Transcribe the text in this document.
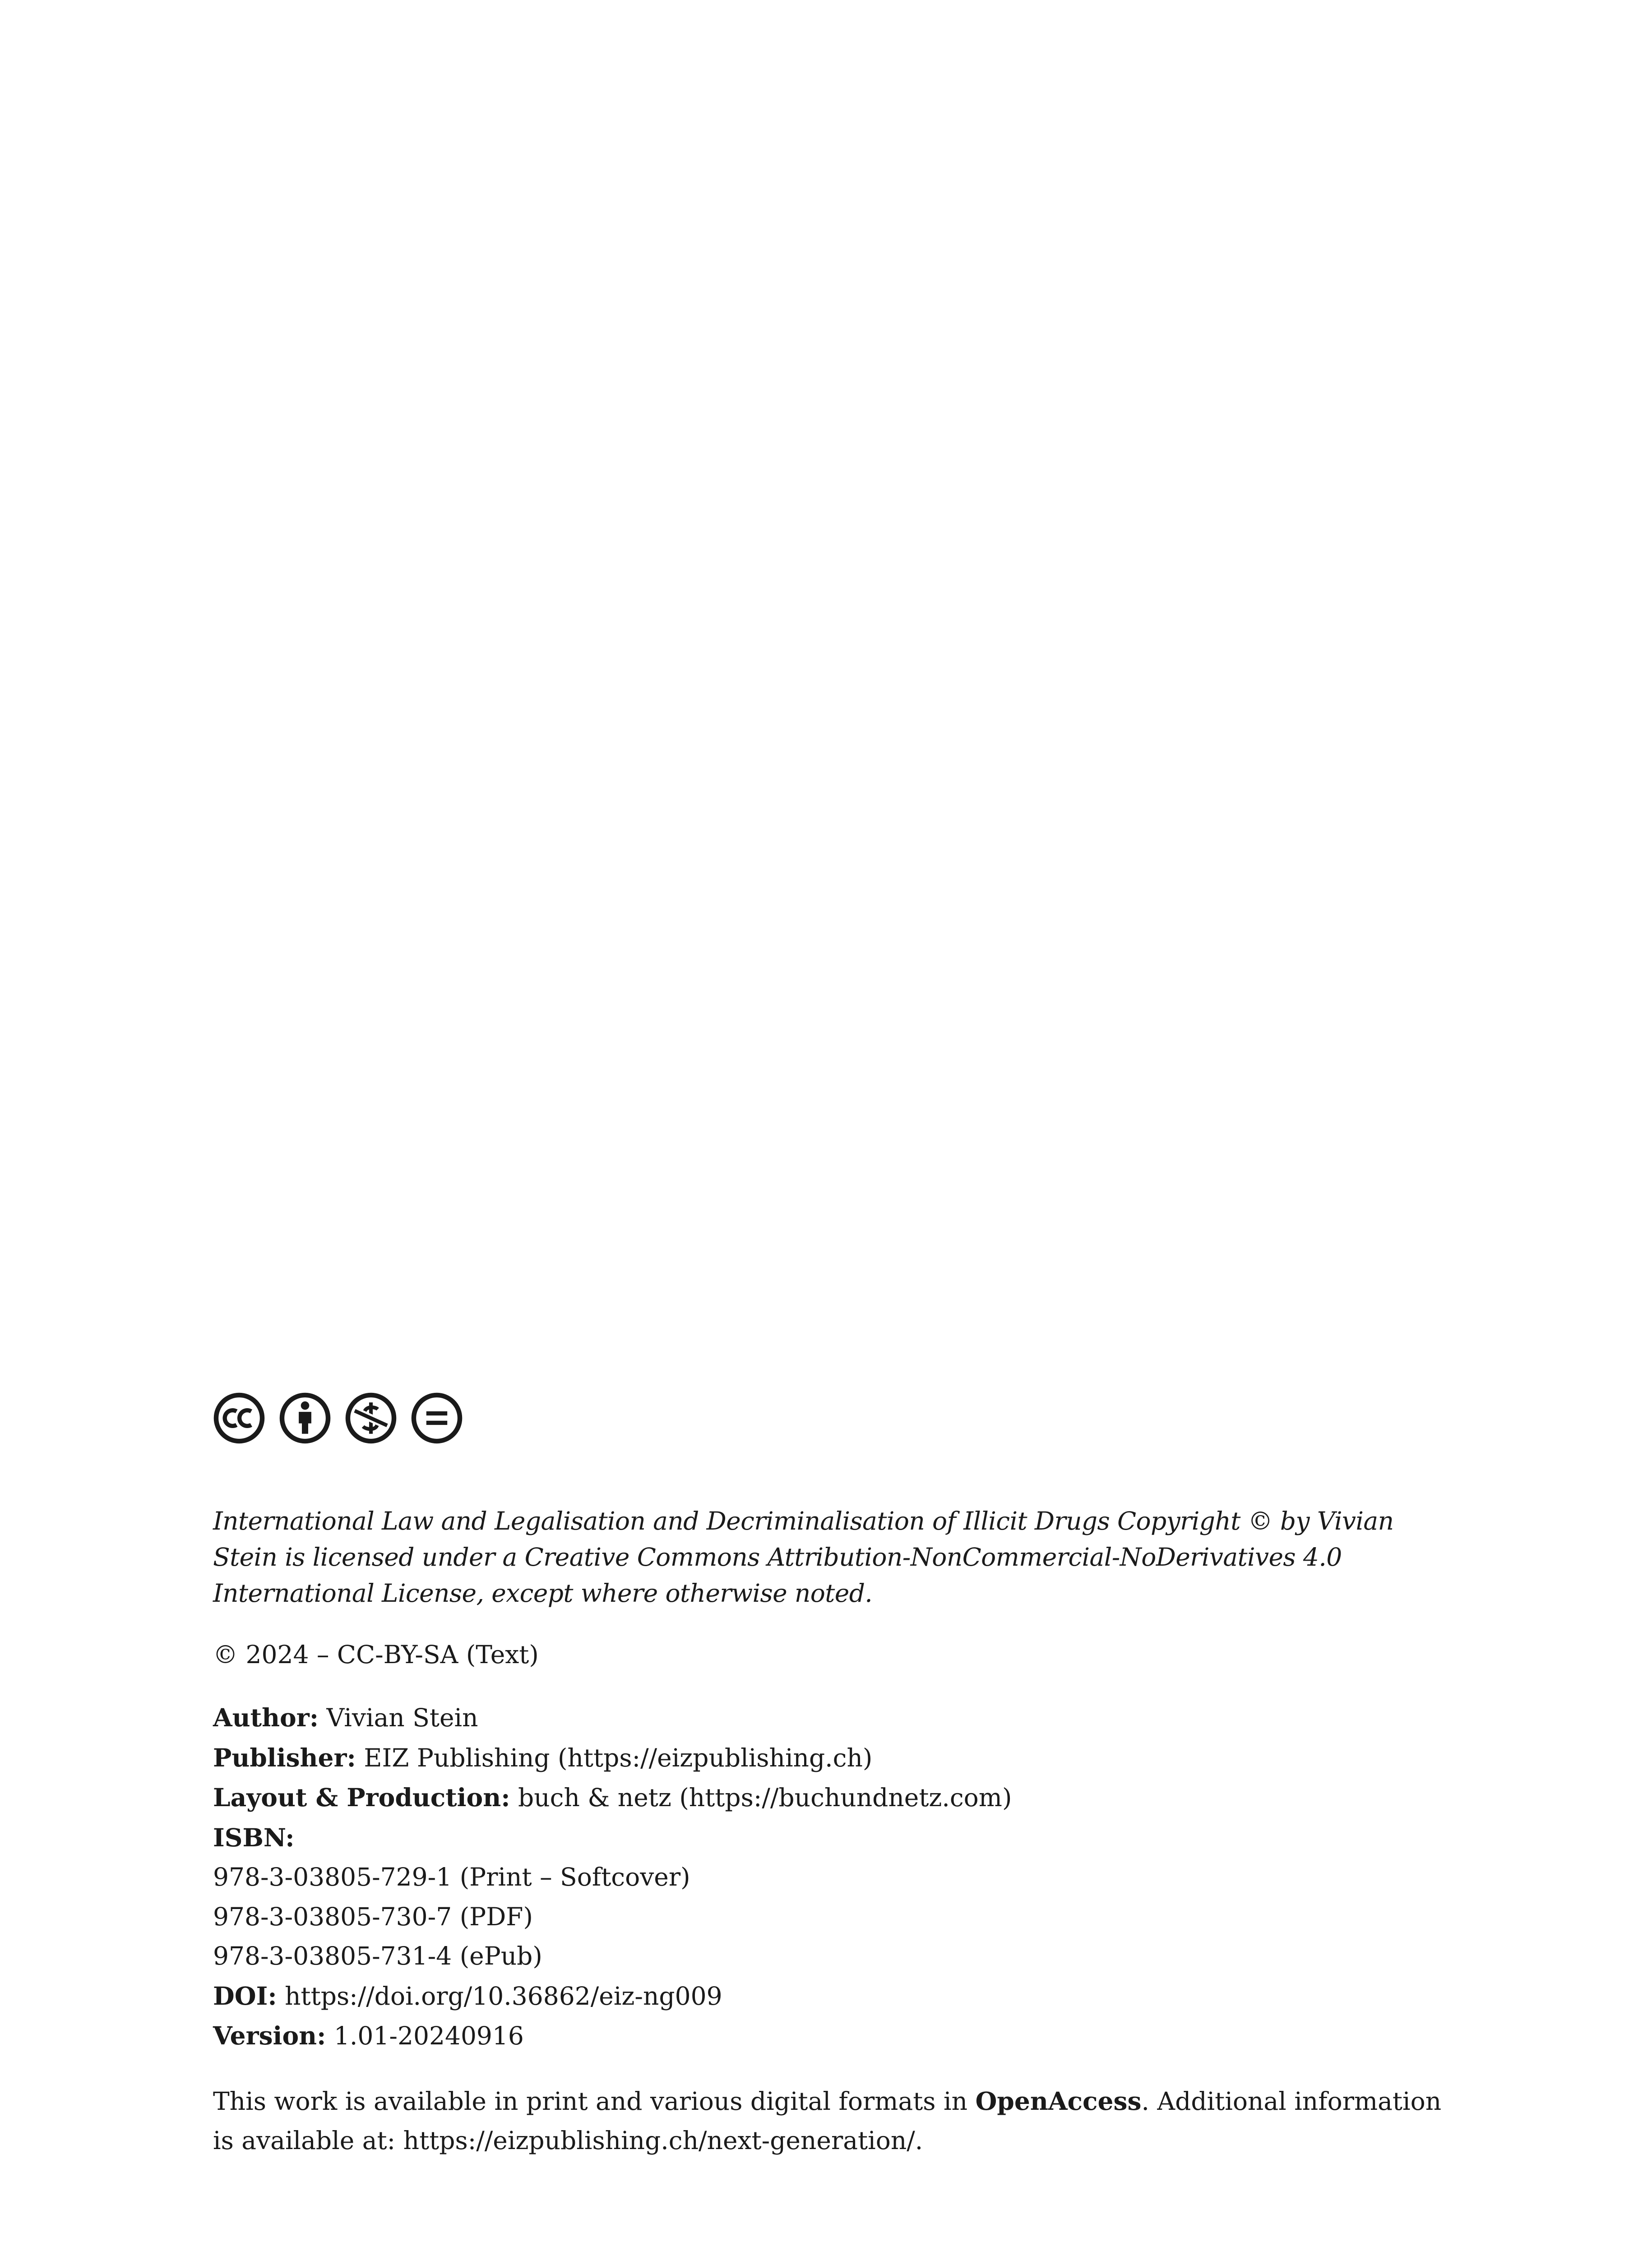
International Law and Legalisation and Decriminalisation of Illicit Drugs Copyright © by Vivian Stein is licensed under a Creative Commons Attribution-NonCommercial-NoDerivatives 4.0 International License, except where otherwise noted.

© 2024 – CC-BY-SA (Text)

Author: Vivian Stein
Publisher: EIZ Publishing (https://eizpublishing.ch)
Layout & Production: buch & netz (https://buchundnetz.com)
ISBN:
978-3-03805-729-1 (Print – Softcover)
978-3-03805-730-7 (PDF)
978-3-03805-731-4 (ePub)
DOI: https://doi.org/10.36862/eiz-ng009
Version: 1.01-20240916

This work is available in print and various digital formats in OpenAccess. Additional information is available at: https://eizpublishing.ch/next-generation/.
